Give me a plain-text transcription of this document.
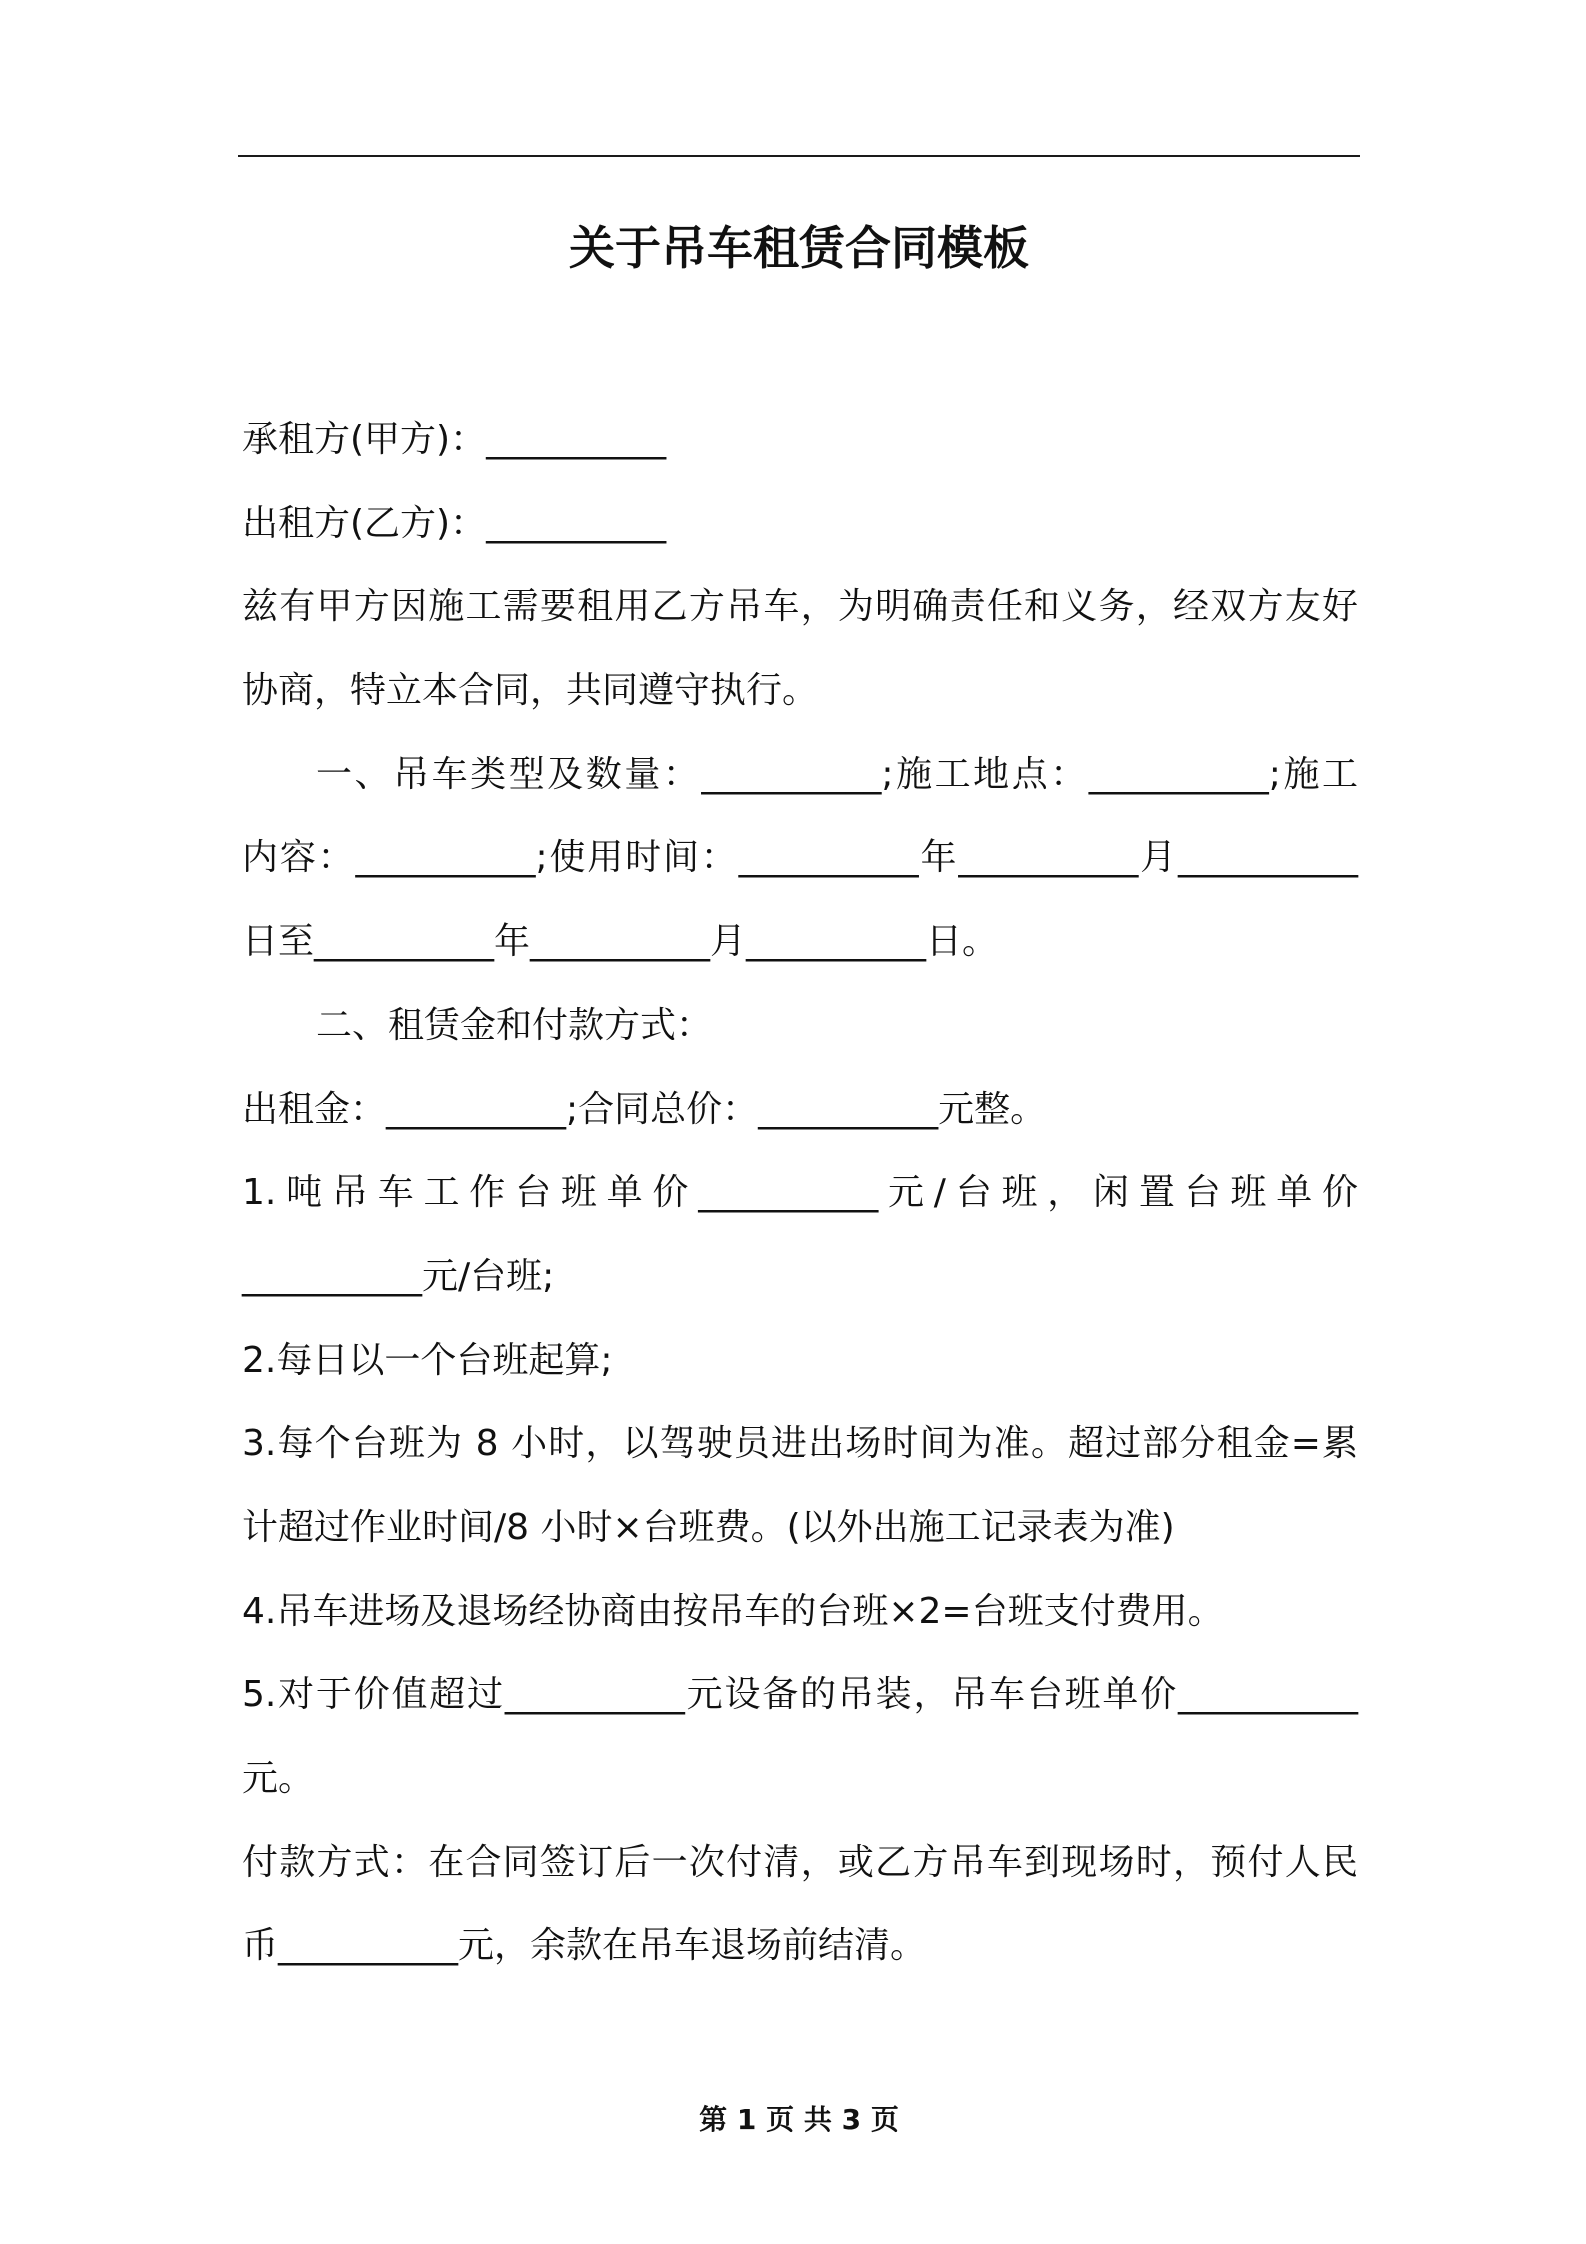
关于吊车租赁合同模板
承租方(甲方)：__________
出租方(乙方)：__________
兹有甲方因施工需要租用乙方吊车，为明确责任和义务，经双方友好
协商，特立本合同，共同遵守执行。
一、吊车类型及数量：__________;施工地点：__________;施工
内容：__________;使用时间：__________年__________月__________
日至__________年__________月__________日。
二、租赁金和付款方式：
出租金：__________;合同总价：__________元整。
1.吨吊车工作台班单价__________元/台班，闲置台班单价
__________元/台班;
2.每日以一个台班起算;
3.每个台班为 8 小时，以驾驶员进出场时间为准。超过部分租金=累
计超过作业时间/8 小时×台班费。(以外出施工记录表为准)
4.吊车进场及退场经协商由按吊车的台班×2=台班支付费用。
5.对于价值超过__________元设备的吊装，吊车台班单价__________
元。
付款方式：在合同签订后一次付清，或乙方吊车到现场时，预付人民
币__________元，余款在吊车退场前结清。
第 1 页 共 3 页
